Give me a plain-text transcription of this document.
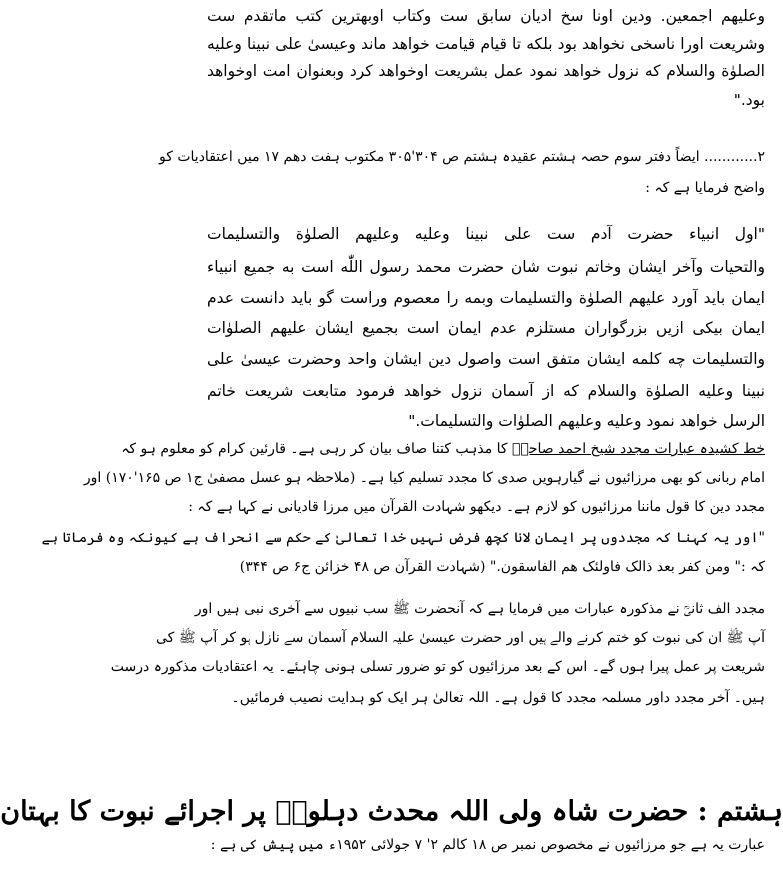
وعلیهم اجمعین. ودین اونا سخ ادیان سابق ست وکتاب اوبهترین کتب ماتقدم ست
وشریعت اورا ناسخی نخواهد بود بلکه تا قیام قیامت خواهد ماند وعیسیٰ علی نبینا وعلیه
الصلوٰة والسلام که نزول خواهد نمود عمل بشریعت اوخواهد کرد وبعنوان امت اوخواهد
بود."
۲............ ایضاً دفتر سوم حصہ ہشتم عقیدہ ہشتم ص ۳۰۴'۳۰۵ مکتوب ہفت دھم ۱۷ میں اعتقادیات کو
واضح فرمایا ہے کہ :
"اول انبیاء حضرت آدم ست علی نبینا وعلیه وعلیهم الصلوٰة والتسلیمات
والتحیات وآخر ایشان وخاتم نبوت شان حضرت محمد رسول اللّٰه است به جمیع انبیاء
ایمان باید آورد علیهم الصلوٰة والتسلیمات وبمه را معصوم وراست گو باید دانست عدم
ایمان بیکی ازیں بزرگواران مستلزم عدم ایمان است بجمیع ایشان علیهم الصلوٰات
والتسلیمات چه کلمه ایشان متفق است واصول دین ایشان واحد وحضرت عیسیٰ علی
نبینا وعلیه الصلوٰة والسلام که از آسمان نزول خواهد فرمود متابعت شریعت خاتم
الرسل خواهد نمود وعلیه وعلیهم الصلوٰات والتسلیمات."
خط کشیدہ عبارات مجدد شیخ احمد صاحبؒ کا مذہب کتنا صاف بیان کر رہی ہے۔ قارئین کرام کو معلوم ہو کہ
امام ربانی کو بھی مرزائیوں نے گیارہویں صدی کا مجدد تسلیم کیا ہے۔ (ملاحظہ ہو عسل مصفیٰ ج۱ ص ۱۶۵'۱۷۰) اور
مجدد دین کا قول ماننا مرزائیوں کو لازم ہے۔ دیکھو شہادت القرآن میں مرزا قادیانی نے کہا ہے کہ :
"اور یہ کہنا کہ مجددوں پر ایمان لانا کچھ فرض نہیں خدا تعالیٰ کے حکم سے انحراف ہے کیونکہ وہ فرماتا ہے
کہ :" ومن کفر بعد ذالک فاولئک هم الفاسقون." (شہادت القرآن ص ۴۸ خزائن ج۶ ص ۳۴۴)
مجدد الف ثانیؒ نے مذکورہ عبارات میں فرمایا ہے کہ آنحضرت ﷺ سب نبیوں سے آخری نبی ہیں اور
آپ ﷺ ان کی نبوت کو ختم کرنے والے ہیں اور حضرت عیسیٰ علیہ السلام آسمان سے نازل ہو کر آپ ﷺ کی
شریعت پر عمل پیرا ہوں گے۔ اس کے بعد مرزائیوں کو تو ضرور تسلی ہونی چاہئے۔ یہ اعتقادیات مذکورہ درست
ہیں۔ آخر مجدد داور مسلمہ مجدد کا قول ہے۔ اللہ تعالیٰ ہر ایک کو ہدایت نصیب فرمائیں۔
عبارت یہ ہے جو مرزائیوں نے مخصوص نمبر ص ۱۸ کالم ۲' ۷ جولائی ۱۹۵۲ء میں پیش کی ہے :
ہشتم : حضرت شاہ ولی اللہ محدث دہلویؒ پر اجرائے نبوت کا بہتان
